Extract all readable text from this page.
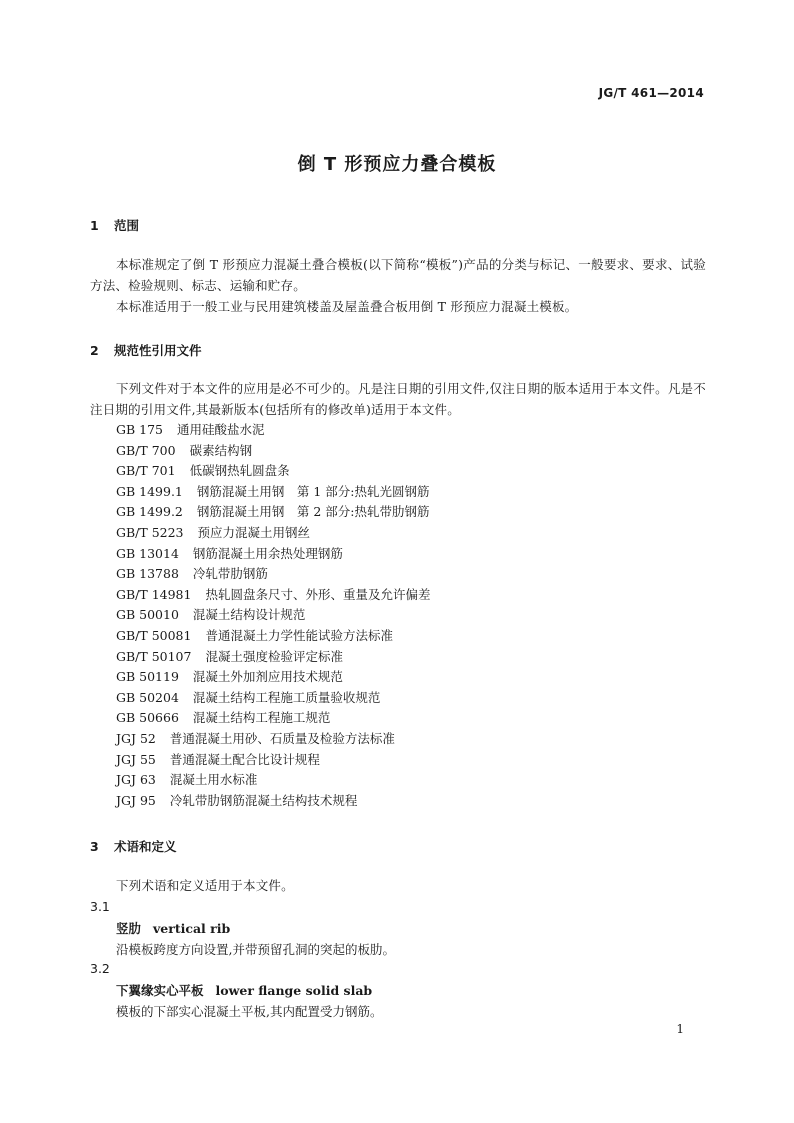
JG/T 461—2014
倒 T 形预应力叠合模板
1 范围
本标准规定了倒 T 形预应力混凝土叠合模板(以下简称“模板”)产品的分类与标记、一般要求、要求、试验方法、检验规则、标志、运输和贮存。
本标准适用于一般工业与民用建筑楼盖及屋盖叠合板用倒 T 形预应力混凝土模板。
2 规范性引用文件
下列文件对于本文件的应用是必不可少的。凡是注日期的引用文件,仅注日期的版本适用于本文件。凡是不注日期的引用文件,其最新版本(包括所有的修改单)适用于本文件。
GB 175 通用硅酸盐水泥
GB/T 700 碳素结构钢
GB/T 701 低碳钢热轧圆盘条
GB 1499.1 钢筋混凝土用钢　第 1 部分:热轧光圆钢筋
GB 1499.2 钢筋混凝土用钢　第 2 部分:热轧带肋钢筋
GB/T 5223 预应力混凝土用钢丝
GB 13014 钢筋混凝土用余热处理钢筋
GB 13788 冷轧带肋钢筋
GB/T 14981 热轧圆盘条尺寸、外形、重量及允许偏差
GB 50010 混凝土结构设计规范
GB/T 50081 普通混凝土力学性能试验方法标准
GB/T 50107 混凝土强度检验评定标准
GB 50119 混凝土外加剂应用技术规范
GB 50204 混凝土结构工程施工质量验收规范
GB 50666 混凝土结构工程施工规范
JGJ 52 普通混凝土用砂、石质量及检验方法标准
JGJ 55 普通混凝土配合比设计规程
JGJ 63 混凝土用水标准
JGJ 95 冷轧带肋钢筋混凝土结构技术规程
3 术语和定义
下列术语和定义适用于本文件。
3.1
竖肋 vertical rib
沿模板跨度方向设置,并带预留孔洞的突起的板肋。
3.2
下翼缘实心平板 lower flange solid slab
模板的下部实心混凝土平板,其内配置受力钢筋。
1
